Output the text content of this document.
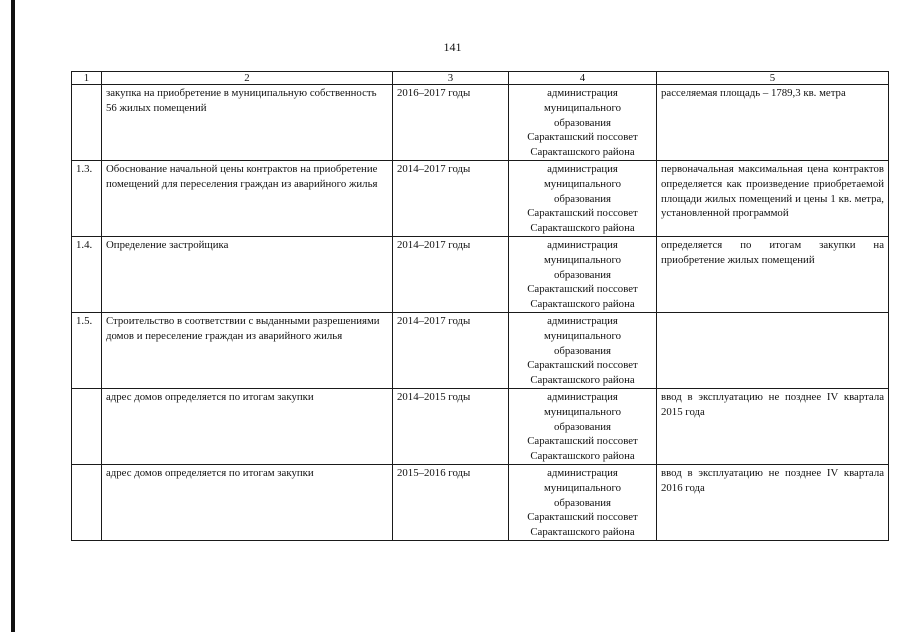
141
1	2	3	4	5
	закупка на приобретение в муниципальную собственность 56 жилых помещений	2016–2017 годы	администрация
муниципального
образования
Саракташский поссовет
Саракташского района	расселяемая площадь – 1789,3 кв. метра
1.3.	Обоснование начальной цены контрактов на приобретение помещений для переселения граждан из аварийного жилья	2014–2017 годы	администрация
муниципального
образования
Саракташский поссовет
Саракташского района	первоначальная максимальная цена контрактов определяется как произведение приобретаемой площади жилых помещений и цены 1 кв. метра, установленной программой
1.4.	Определение застройщика	2014–2017 годы	администрация
муниципального
образования
Саракташский поссовет
Саракташского района	определяется по итогам закупки на приобретение жилых помещений
1.5.	Строительство в соответствии с выданными разрешениями домов и переселение граждан из аварийного жилья	2014–2017 годы	администрация
муниципального
образования
Саракташский поссовет
Саракташского района	

	адрес домов определяется по итогам закупки	2014–2015 годы	администрация
муниципального
образования
Саракташский поссовет
Саракташского района	ввод в эксплуатацию не позднее IV квартала 2015 года
	адрес домов определяется по итогам закупки	2015–2016 годы	администрация
муниципального
образования
Саракташский поссовет
Саракташского района	ввод в эксплуатацию не позднее IV квартала 2016 года
